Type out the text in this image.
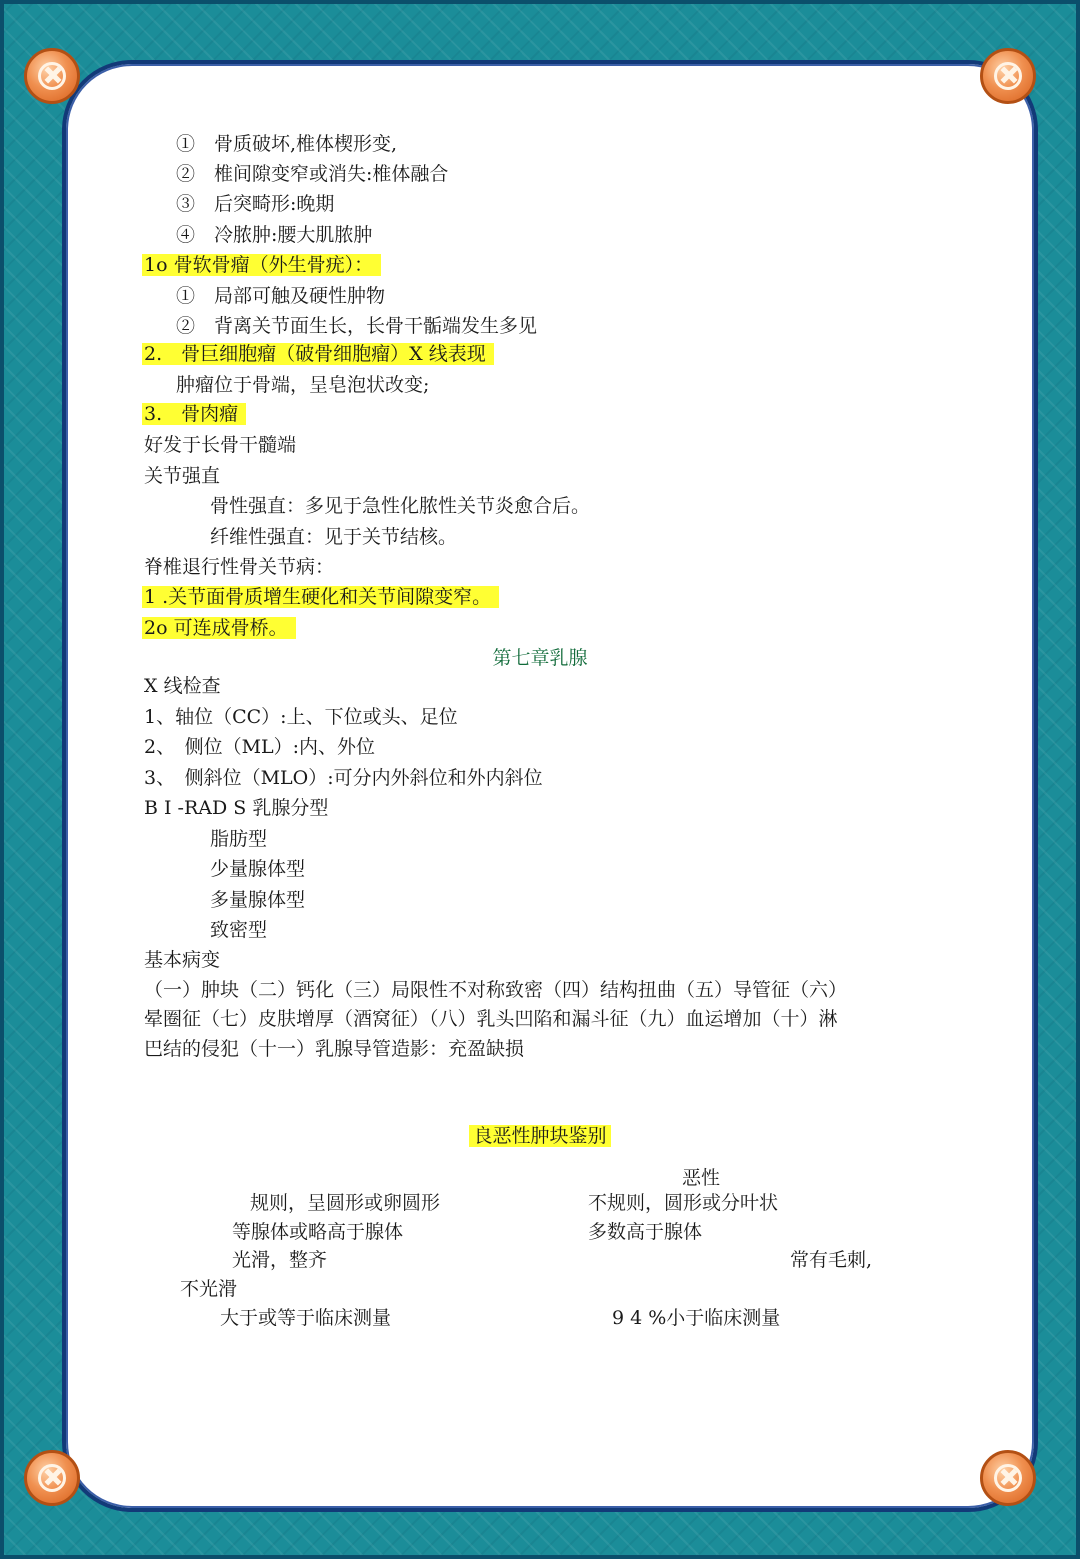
✚
✚
✚
✚
①　骨质破坏,椎体楔形变,
②　椎间隙变窄或消失:椎体融合
③　后突畸形:晚期
④　冷脓肿:腰大肌脓肿
1o 骨软骨瘤（外生骨疣）：
①　局部可触及硬性肿物
②　背离关节面生长，长骨干骺端发生多见
2.　骨巨细胞瘤（破骨细胞瘤）X 线表现
肿瘤位于骨端，呈皂泡状改变;
3.　骨肉瘤
好发于长骨干髓端
关节强直
骨性强直：多见于急性化脓性关节炎愈合后。
纤维性强直：见于关节结核。
脊椎退行性骨关节病：
1 .关节面骨质增生硬化和关节间隙变窄。
2o 可连成骨桥。
第七章乳腺
X 线检查
1、轴位（CC）:上、下位或头、足位
2、　侧位（ML）:内、外位
3、　侧斜位（MLO）:可分内外斜位和外内斜位
B I -RAD S 乳腺分型
脂肪型
少量腺体型
多量腺体型
致密型
基本病变
（一）肿块（二）钙化（三）局限性不对称致密（四）结构扭曲（五）导管征（六）
晕圈征（七）皮肤增厚（酒窝征）（八）乳头凹陷和漏斗征（九）血运增加（十）淋
巴结的侵犯（十一）乳腺导管造影：充盈缺损
良恶性肿块鉴别
恶性
规则，呈圆形或卵圆形	不规则，圆形或分叶状
等腺体或略高于腺体	多数高于腺体
光滑，整齐	常有毛刺,
不光滑
大于或等于临床测量	9 4 %小于临床测量
